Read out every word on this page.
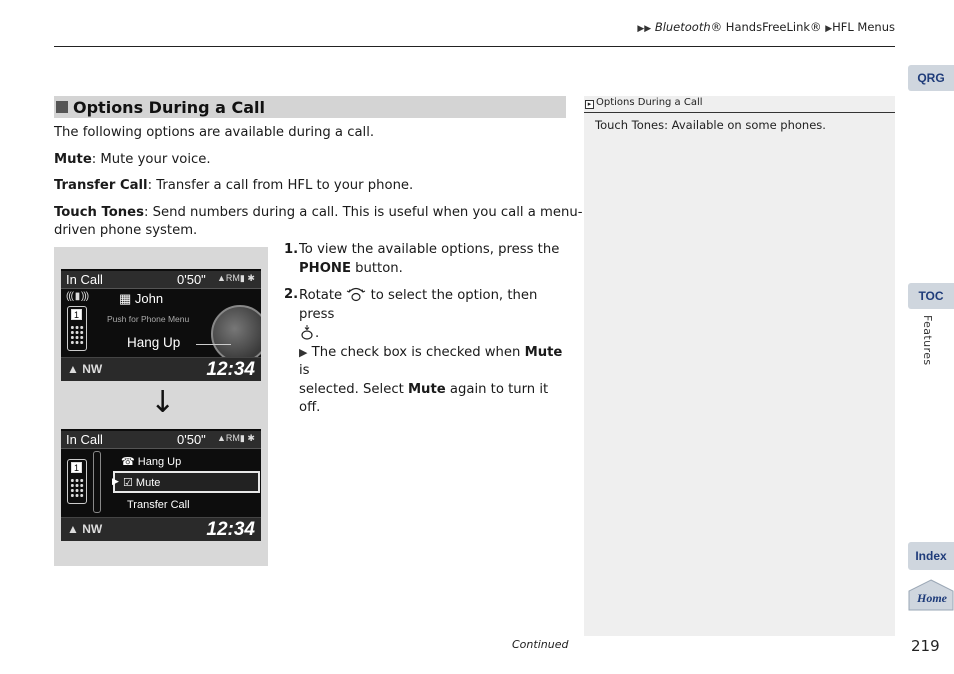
▶▶ Bluetooth® HandsFreeLink® ▶HFL Menus
QRG
TOC
Features
Index
Home
Options During a Call
The following options are available during a call.
Mute: Mute your voice.
Transfer Call: Transfer a call from HFL to your phone.
Touch Tones: Send numbers during a call. This is useful when you call a menu-
driven phone system.
In Call	0'50" ▲RM▮ ✱
((( ▮ ))) ▦ John
1	Push for Phone Menu
Hang Up
▲ NW	12:34
↓
In Call	0'50" ▲RM▮ ✱
1	☎ Hang Up
▶ ☑ Mute
Transfer Call
▲ NW	12:34
1. To view the available options, press the
PHONE button.
2. Rotate to select the option, then press
.
▶ The check box is checked when Mute is
selected. Select Mute again to turn it off.
▸ Options During a Call
Touch Tones: Available on some phones.
Continued	219
